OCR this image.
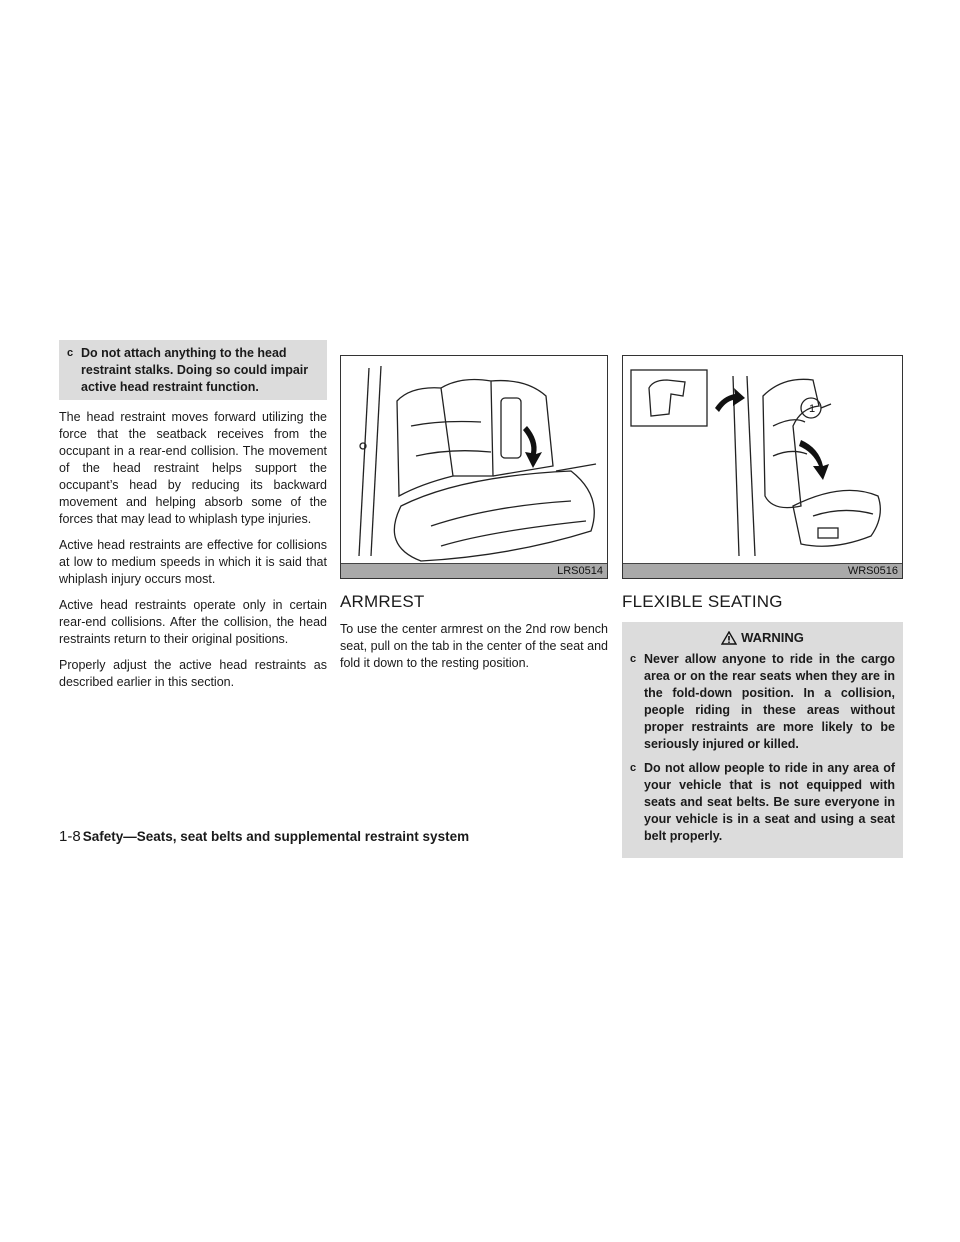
c Do not attach anything to the head restraint stalks. Doing so could impair active head restraint function.

The head restraint moves forward utilizing the force that the seatback receives from the occupant in a rear-end collision. The movement of the head restraint helps support the occupant’s head by reducing its backward movement and helping absorb some of the forces that may lead to whiplash type injuries.

Active head restraints are effective for collisions at low to medium speeds in which it is said that whiplash injury occurs most.

Active head restraints operate only in certain rear-end collisions. After the collision, the head restraints return to their original positions.

Properly adjust the active head restraints as described earlier in this section.

LRS0514
ARMREST

To use the center armrest on the 2nd row bench seat, pull on the tab in the center of the seat and fold it down to the resting position.

1
WRS0516
FLEXIBLE SEATING
WARNING
c Never allow anyone to ride in the cargo area or on the rear seats when they are in the fold-down position. In a collision, people riding in these areas without proper restraints are more likely to be seriously injured or killed.
c Do not allow people to ride in any area of your vehicle that is not equipped with seats and seat belts. Be sure everyone in your vehicle is in a seat and using a seat belt properly.
1-8 Safety—Seats, seat belts and supplemental restraint system
